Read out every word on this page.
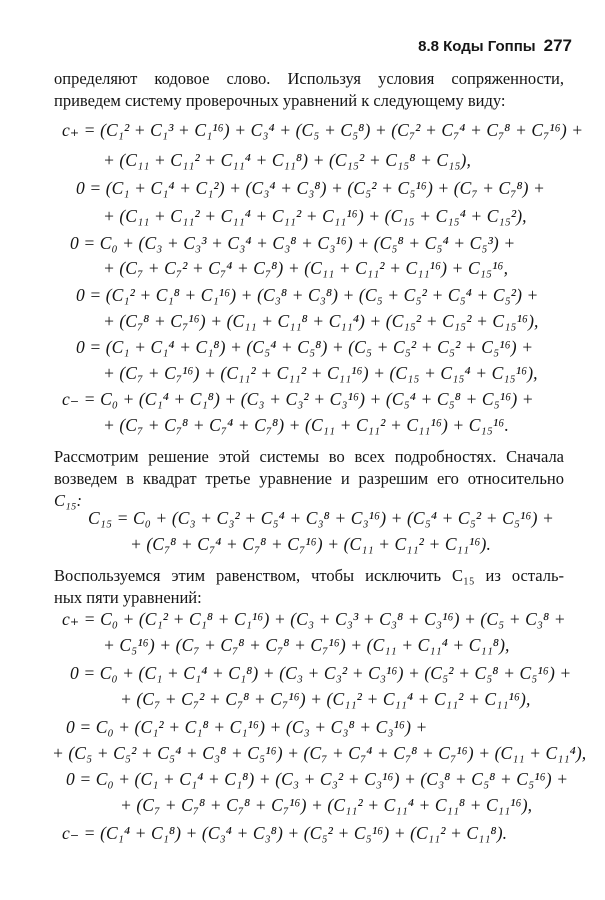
8.8 Коды Гоппы 277
определяют кодовое слово. Используя условия сопряженности,
приведем систему проверочных уравнений к следующему виду:
c₊ = (C₁² + C₁³ + C₁¹⁶) + C₃⁴ + (C₅ + C₅⁸) + (C₇² + C₇⁴ + C₇⁸ + C₇¹⁶) +
+ (C₁₁ + C₁₁² + C₁₁⁴ + C₁₁⁸) + (C₁₅² + C₁₅⁸ + C₁₅),
0 = (C₁ + C₁⁴ + C₁²) + (C₃⁴ + C₃⁸) + (C₅² + C₅¹⁶) + (C₇ + C₇⁸) +
+ (C₁₁ + C₁₁² + C₁₁⁴ + C₁₁² + C₁₁¹⁶) + (C₁₅ + C₁₅⁴ + C₁₅²),
0 = C₀ + (C₃ + C₃³ + C₃⁴ + C₃⁸ + C₃¹⁶) + (C₅⁸ + C₅⁴ + C₅³) +
+ (C₇ + C₇² + C₇⁴ + C₇⁸) + (C₁₁ + C₁₁² + C₁₁¹⁶) + C₁₅¹⁶,
0 = (C₁² + C₁⁸ + C₁¹⁶) + (C₃⁸ + C₃⁸) + (C₅ + C₅² + C₅⁴ + C₅²) +
+ (C₇⁸ + C₇¹⁶) + (C₁₁ + C₁₁⁸ + C₁₁⁴) + (C₁₅² + C₁₅² + C₁₅¹⁶),
0 = (C₁ + C₁⁴ + C₁⁸) + (C₅⁴ + C₅⁸) + (C₅ + C₅² + C₅² + C₅¹⁶) +
+ (C₇ + C₇¹⁶) + (C₁₁² + C₁₁² + C₁₁¹⁶) + (C₁₅ + C₁₅⁴ + C₁₅¹⁶),
c₋ = C₀ + (C₁⁴ + C₁⁸) + (C₃ + C₃² + C₃¹⁶) + (C₅⁴ + C₅⁸ + C₅¹⁶) +
+ (C₇ + C₇⁸ + C₇⁴ + C₇⁸) + (C₁₁ + C₁₁² + C₁₁¹⁶) + C₁₅¹⁶.
Рассмотрим решение этой системы во всех подробностях. Сначала
возведем в квадрат третье уравнение и разрешим его относительно
C₁₅:
C₁₅ = C₀ + (C₃ + C₃² + C₅⁴ + C₃⁸ + C₃¹⁶) + (C₅⁴ + C₅² + C₅¹⁶) +
+ (C₇⁸ + C₇⁴ + C₇⁸ + C₇¹⁶) + (C₁₁ + C₁₁² + C₁₁¹⁶).
Воспользуемся этим равенством, чтобы исключить C₁₅ из осталь-
ных пяти уравнений:
c₊ = C₀ + (C₁² + C₁⁸ + C₁¹⁶) + (C₃ + C₃³ + C₃⁸ + C₃¹⁶) + (C₅ + C₃⁸ +
+ C₅¹⁶) + (C₇ + C₇⁸ + C₇⁸ + C₇¹⁶) + (C₁₁ + C₁₁⁴ + C₁₁⁸),
0 = C₀ + (C₁ + C₁⁴ + C₁⁸) + (C₃ + C₃² + C₃¹⁶) + (C₅² + C₅⁸ + C₅¹⁶) +
+ (C₇ + C₇² + C₇⁸ + C₇¹⁶) + (C₁₁² + C₁₁⁴ + C₁₁² + C₁₁¹⁶),
0 = C₀ + (C₁² + C₁⁸ + C₁¹⁶) + (C₃ + C₃⁸ + C₃¹⁶) +
+ (C₅ + C₅² + C₅⁴ + C₃⁸ + C₅¹⁶) + (C₇ + C₇⁴ + C₇⁸ + C₇¹⁶) + (C₁₁ + C₁₁⁴),
0 = C₀ + (C₁ + C₁⁴ + C₁⁸) + (C₃ + C₃² + C₃¹⁶) + (C₃⁸ + C₅⁸ + C₅¹⁶) +
+ (C₇ + C₇⁸ + C₇⁸ + C₇¹⁶) + (C₁₁² + C₁₁⁴ + C₁₁⁸ + C₁₁¹⁶),
c₋ = (C₁⁴ + C₁⁸) + (C₃⁴ + C₃⁸) + (C₅² + C₅¹⁶) + (C₁₁² + C₁₁⁸).
